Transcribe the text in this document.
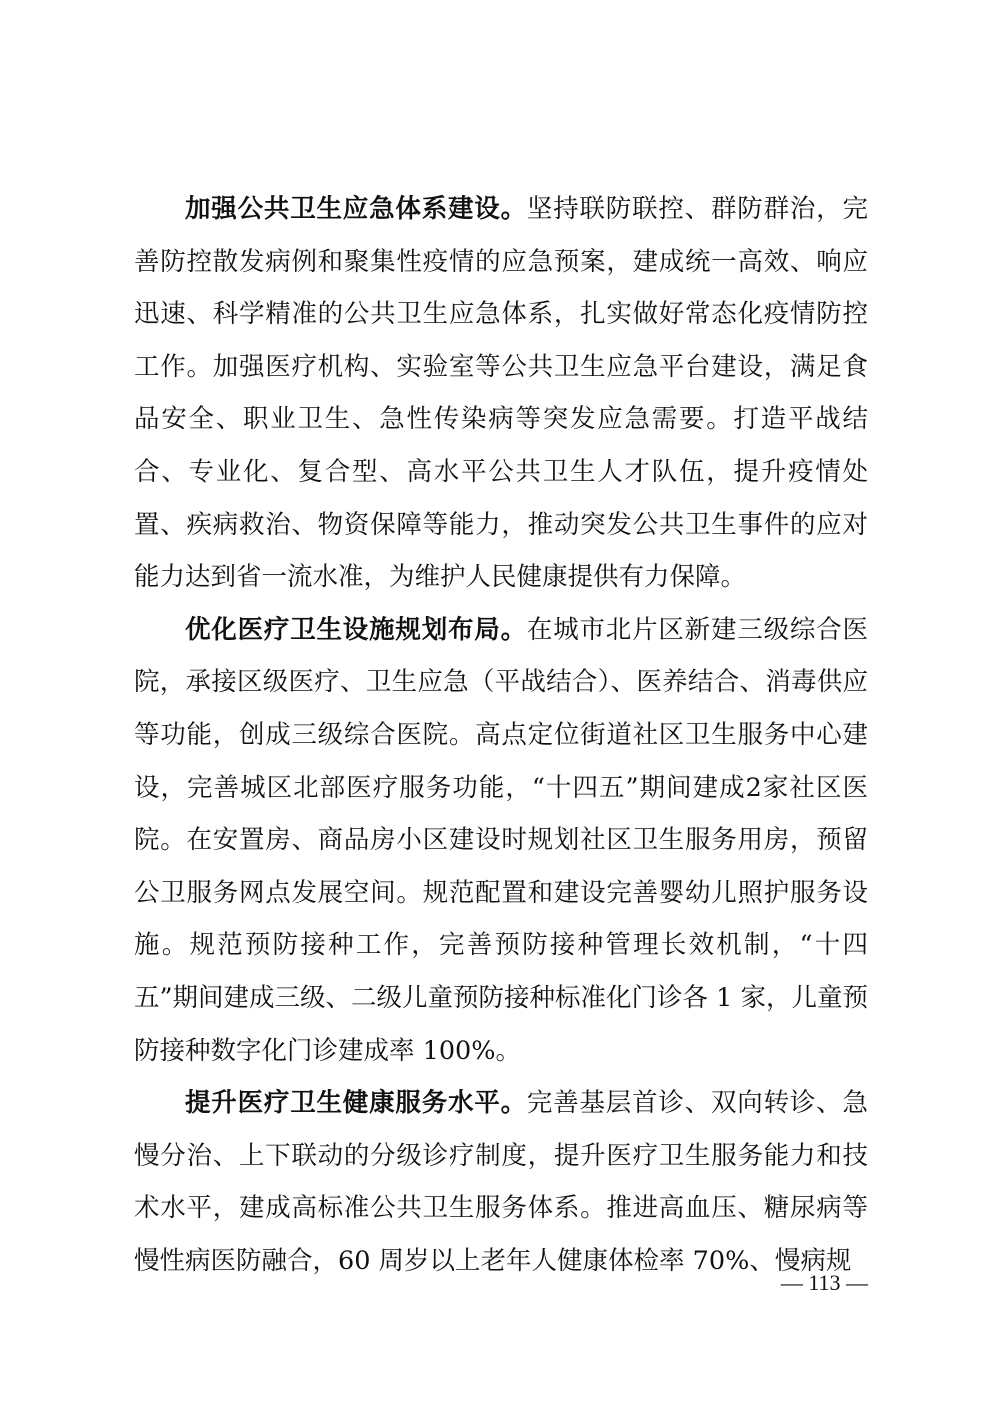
加强公共卫生应急体系建设。坚持联防联控、群防群治，完善防控散发病例和聚集性疫情的应急预案，建成统一高效、响应迅速、科学精准的公共卫生应急体系，扎实做好常态化疫情防控工作。加强医疗机构、实验室等公共卫生应急平台建设，满足食品安全、职业卫生、急性传染病等突发应急需要。打造平战结合、专业化、复合型、高水平公共卫生人才队伍，提升疫情处置、疾病救治、物资保障等能力，推动突发公共卫生事件的应对能力达到省一流水准，为维护人民健康提供有力保障。

优化医疗卫生设施规划布局。在城市北片区新建三级综合医院，承接区级医疗、卫生应急（平战结合）、医养结合、消毒供应等功能，创成三级综合医院。高点定位街道社区卫生服务中心建设，完善城区北部医疗服务功能，“十四五”期间建成2家社区医院。在安置房、商品房小区建设时规划社区卫生服务用房，预留公卫服务网点发展空间。规范配置和建设完善婴幼儿照护服务设施。规范预防接种工作，完善预防接种管理长效机制，“十四五”期间建成三级、二级儿童预防接种标准化门诊各 1 家，儿童预防接种数字化门诊建成率 100%。

提升医疗卫生健康服务水平。完善基层首诊、双向转诊、急慢分治、上下联动的分级诊疗制度，提升医疗卫生服务能力和技术水平，建成高标准公共卫生服务体系。推进高血压、糖尿病等慢性病医防融合，60 周岁以上老年人健康体检率 70%、慢病规

— 113 —
